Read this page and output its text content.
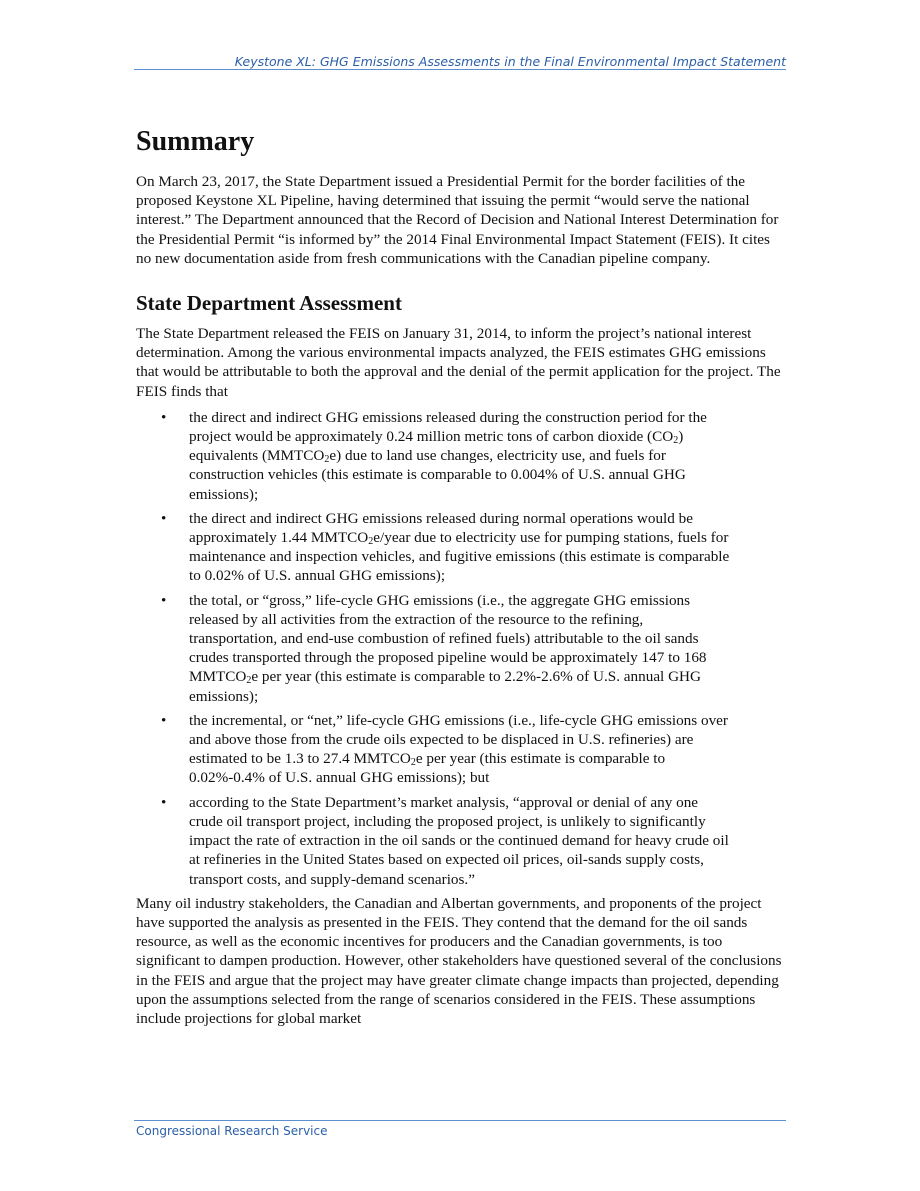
Keystone XL: GHG Emissions Assessments in the Final Environmental Impact Statement
Summary

On March 23, 2017, the State Department issued a Presidential Permit for the border facilities of the proposed Keystone XL Pipeline, having determined that issuing the permit “would serve the national interest.” The Department announced that the Record of Decision and National Interest Determination for the Presidential Permit “is informed by” the 2014 Final Environmental Impact Statement (FEIS). It cites no new documentation aside from fresh communications with the Canadian pipeline company.

State Department Assessment

The State Department released the FEIS on January 31, 2014, to inform the project’s national interest determination. Among the various environmental impacts analyzed, the FEIS estimates GHG emissions that would be attributable to both the approval and the denial of the permit application for the project. The FEIS finds that

• the direct and indirect GHG emissions released during the construction period for the project would be approximately 0.24 million metric tons of carbon dioxide $(CO_2)$ equivalents $(MMTCO_2e)$ due to land use changes, electricity use, and fuels for construction vehicles (this estimate is comparable to 0.004% of U.S. annual GHG emissions);
• the direct and indirect GHG emissions released during normal operations would be approximately 1.44 $MMTCO_2e$/year due to electricity use for pumping stations, fuels for maintenance and inspection vehicles, and fugitive emissions (this estimate is comparable to 0.02% of U.S. annual GHG emissions);
• the total, or “gross,” life-cycle GHG emissions (i.e., the aggregate GHG emissions released by all activities from the extraction of the resource to the refining, transportation, and end-use combustion of refined fuels) attributable to the oil sands crudes transported through the proposed pipeline would be approximately 147 to 168 $MMTCO_2e$ per year (this estimate is comparable to 2.2%-2.6% of U.S. annual GHG emissions);
• the incremental, or “net,” life-cycle GHG emissions (i.e., life-cycle GHG emissions over and above those from the crude oils expected to be displaced in U.S. refineries) are estimated to be 1.3 to 27.4 $MMTCO_2e$ per year (this estimate is comparable to 0.02%-0.4% of U.S. annual GHG emissions); but
• according to the State Department’s market analysis, “approval or denial of any one crude oil transport project, including the proposed project, is unlikely to significantly impact the rate of extraction in the oil sands or the continued demand for heavy crude oil at refineries in the United States based on expected oil prices, oil-sands supply costs, transport costs, and supply-demand scenarios.”

Many oil industry stakeholders, the Canadian and Albertan governments, and proponents of the project have supported the analysis as presented in the FEIS. They contend that the demand for the oil sands resource, as well as the economic incentives for producers and the Canadian governments, is too significant to dampen production. However, other stakeholders have questioned several of the conclusions in the FEIS and argue that the project may have greater climate change impacts than projected, depending upon the assumptions selected from the range of scenarios considered in the FEIS. These assumptions include projections for global market

Congressional Research Service
